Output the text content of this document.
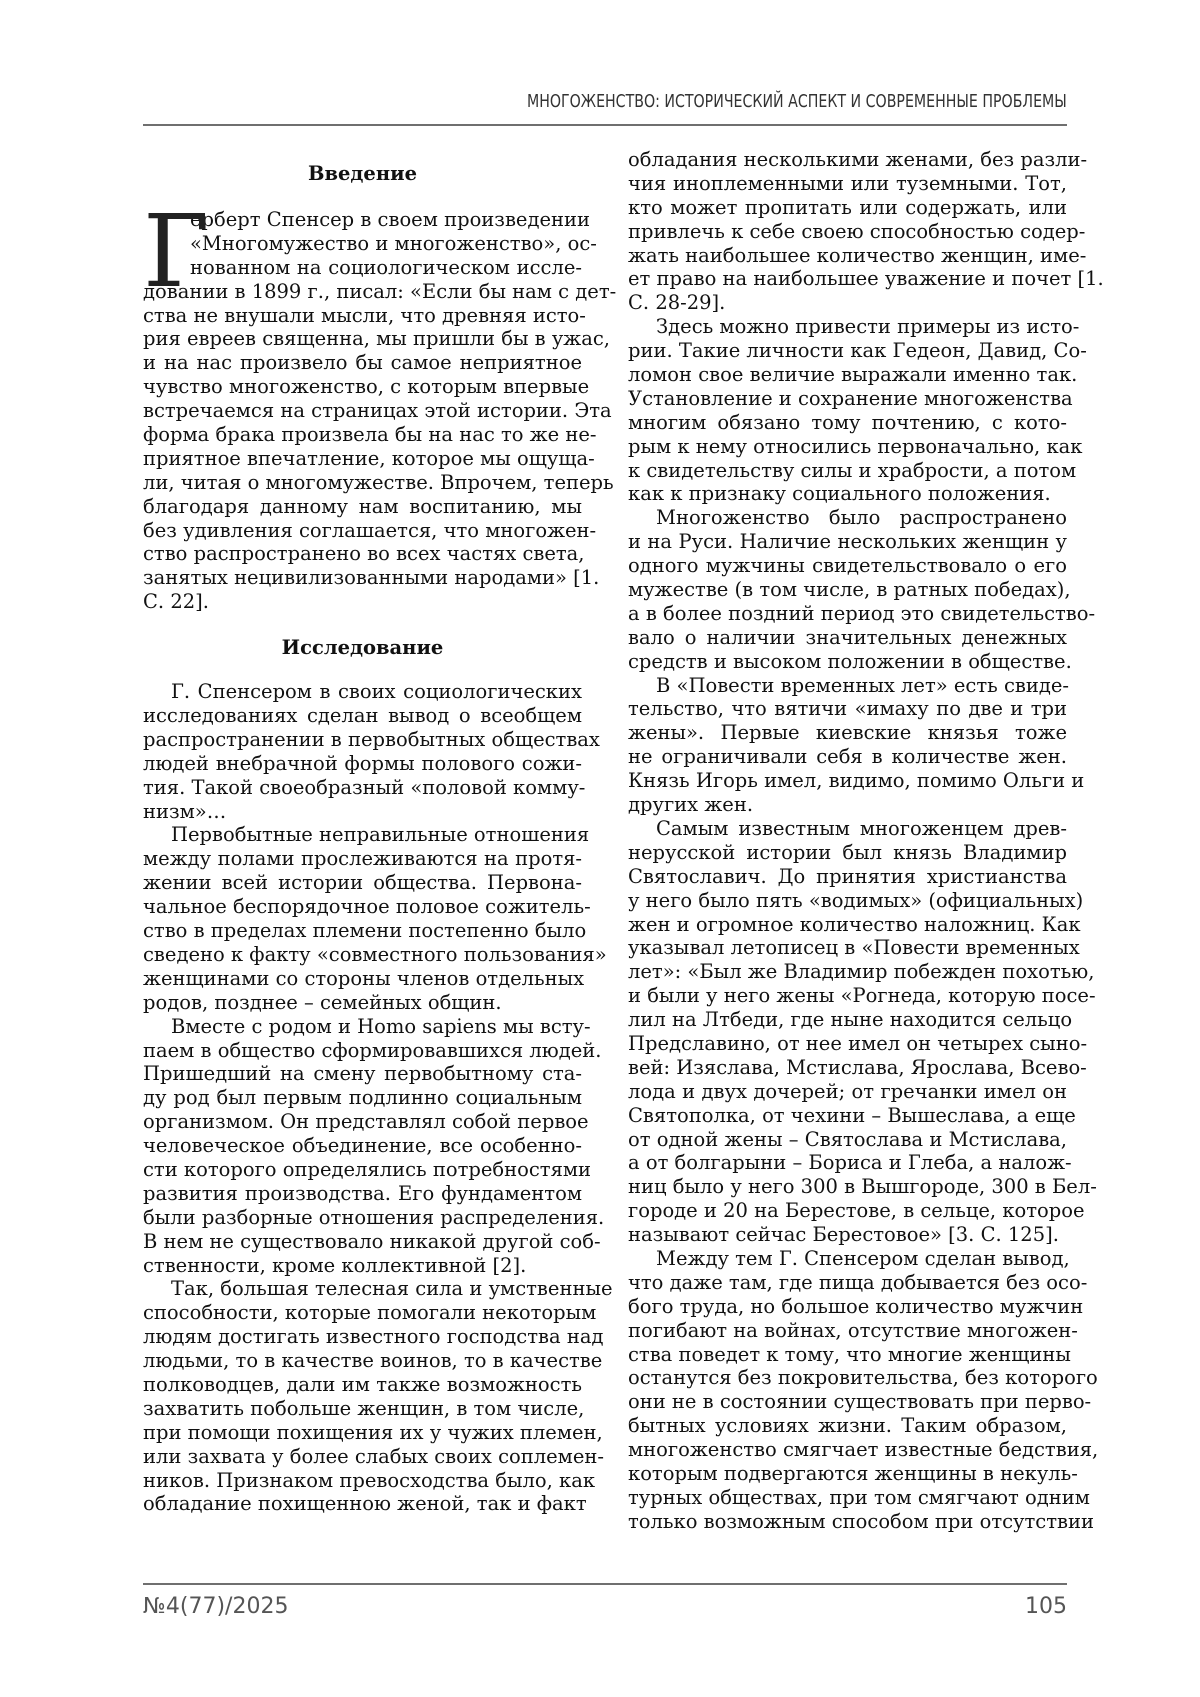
МНОГОЖЕНСТВО: ИСТОРИЧЕСКИЙ АСПЕКТ И СОВРЕМЕННЫЕ ПРОБЛЕМЫ
Введение
Г
ерберт Спенсер в своем произведении
«Многомужество и многоженство», ос-
нованном на социологическом иссле-
довании в 1899 г., писал: «Если бы нам с дет-
ства не внушали мысли, что древняя исто-
рия евреев священна, мы пришли бы в ужас,
и на нас произвело бы самое неприятное
чувство многоженство, с которым впервые
встречаемся на страницах этой истории. Эта
форма брака произвела бы на нас то же не-
приятное впечатление, которое мы ощуща-
ли, читая о многомужестве. Впрочем, теперь
благодаря данному нам воспитанию, мы
без удивления соглашается, что многожен-
ство распространено во всех частях света,
занятых нецивилизованными народами» [1.
С. 22].
Исследование
Г. Спенсером в своих социологических
исследованиях сделан вывод о всеобщем
распространении в первобытных обществах
людей внебрачной формы полового сожи-
тия. Такой своеобразный «половой комму-
низм»…
Первобытные неправильные отношения
между полами прослеживаются на протя-
жении всей истории общества. Первона-
чальное беспорядочное половое сожитель-
ство в пределах племени постепенно было
сведено к факту «совместного пользования»
женщинами со стороны членов отдельных
родов, позднее – семейных общин.
Вместе с родом и Homo sapiens мы всту-
паем в общество сформировавшихся людей.
Пришедший на смену первобытному ста-
ду род был первым подлинно социальным
организмом. Он представлял собой первое
человеческое объединение, все особенно-
сти которого определялись потребностями
развития производства. Его фундаментом
были разборные отношения распределения.
В нем не существовало никакой другой соб-
ственности, кроме коллективной [2].
Так, большая телесная сила и умственные
способности, которые помогали некоторым
людям достигать известного господства над
людьми, то в качестве воинов, то в качестве
полководцев, дали им также возможность
захватить побольше женщин, в том числе,
при помощи похищения их у чужих племен,
или захвата у более слабых своих соплемен-
ников. Признаком превосходства было, как
обладание похищенною женой, так и факт
обладания несколькими женами, без разли-
чия иноплеменными или туземными. Тот,
кто может пропитать или содержать, или
привлечь к себе своею способностью содер-
жать наибольшее количество женщин, име-
ет право на наибольшее уважение и почет [1.
С. 28-29].
Здесь можно привести примеры из исто-
рии. Такие личности как Гедеон, Давид, Со-
ломон свое величие выражали именно так.
Установление и сохранение многоженства
многим обязано тому почтению, с кото-
рым к нему относились первоначально, как
к свидетельству силы и храбрости, а потом
как к признаку социального положения.
Многоженство было распространено
и на Руси. Наличие нескольких женщин у
одного мужчины свидетельствовало о его
мужестве (в том числе, в ратных победах),
а в более поздний период это свидетельство-
вало о наличии значительных денежных
средств и высоком положении в обществе.
В «Повести временных лет» есть свиде-
тельство, что вятичи «имаху по две и три
жены». Первые киевские князья тоже
не ограничивали себя в количестве жен.
Князь Игорь имел, видимо, помимо Ольги и
других жен.
Самым известным многоженцем древ-
нерусской истории был князь Владимир
Святославич. До принятия христианства
у него было пять «водимых» (официальных)
жен и огромное количество наложниц. Как
указывал летописец в «Повести временных
лет»: «Был же Владимир побежден похотью,
и были у него жены «Рогнеда, которую посе-
лил на Лтбеди, где ныне находится сельцо
Предславино, от нее имел он четырех сыно-
вей: Изяслава, Мстислава, Ярослава, Всево-
лода и двух дочерей; от гречанки имел он
Святополка, от чехини – Вышеслава, а еще
от одной жены – Святослава и Мстислава,
а от болгарыни – Бориса и Глеба, а налож-
ниц было у него 300 в Вышгороде, 300 в Бел-
городе и 20 на Берестове, в сельце, которое
называют сейчас Берестовое» [3. С. 125].
Между тем Г. Спенсером сделан вывод,
что даже там, где пища добывается без осо-
бого труда, но большое количество мужчин
погибают на войнах, отсутствие многожен-
ства поведет к тому, что многие женщины
останутся без покровительства, без которого
они не в состоянии существовать при перво-
бытных условиях жизни. Таким образом,
многоженство смягчает известные бедствия,
которым подвергаются женщины в некуль-
турных обществах, при том смягчают одним
только возможным способом при отсутствии
№4(77)/2025	105
